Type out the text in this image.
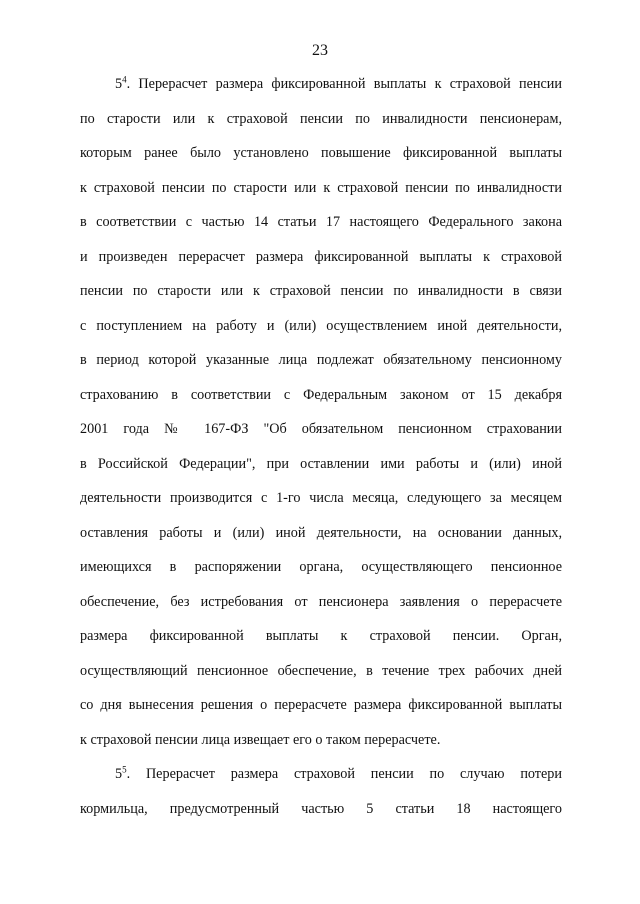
23
$5^4$. Перерасчет размера фиксированной выплаты к страховой пенсии
по старости или к страховой пенсии по инвалидности пенсионерам,
которым ранее было установлено повышение фиксированной выплаты
к страховой пенсии по старости или к страховой пенсии по инвалидности
в соответствии с частью 14 статьи 17 настоящего Федерального закона
и произведен перерасчет размера фиксированной выплаты к страховой
пенсии по старости или к страховой пенсии по инвалидности в связи
с поступлением на работу и (или) осуществлением иной деятельности,
в период которой указанные лица подлежат обязательному пенсионному
страхованию в соответствии с Федеральным законом от 15 декабря
2001 года № 167-ФЗ "Об обязательном пенсионном страховании
в Российской Федерации", при оставлении ими работы и (или) иной
деятельности производится с 1-го числа месяца, следующего за месяцем
оставления работы и (или) иной деятельности, на основании данных,
имеющихся в распоряжении органа, осуществляющего пенсионное
обеспечение, без истребования от пенсионера заявления о перерасчете
размера фиксированной выплаты к страховой пенсии. Орган,
осуществляющий пенсионное обеспечение, в течение трех рабочих дней
со дня вынесения решения о перерасчете размера фиксированной выплаты
к страховой пенсии лица извещает его о таком перерасчете.
$5^5$. Перерасчет размера страховой пенсии по случаю потери
кормильца, предусмотренный частью 5 статьи 18 настоящего
